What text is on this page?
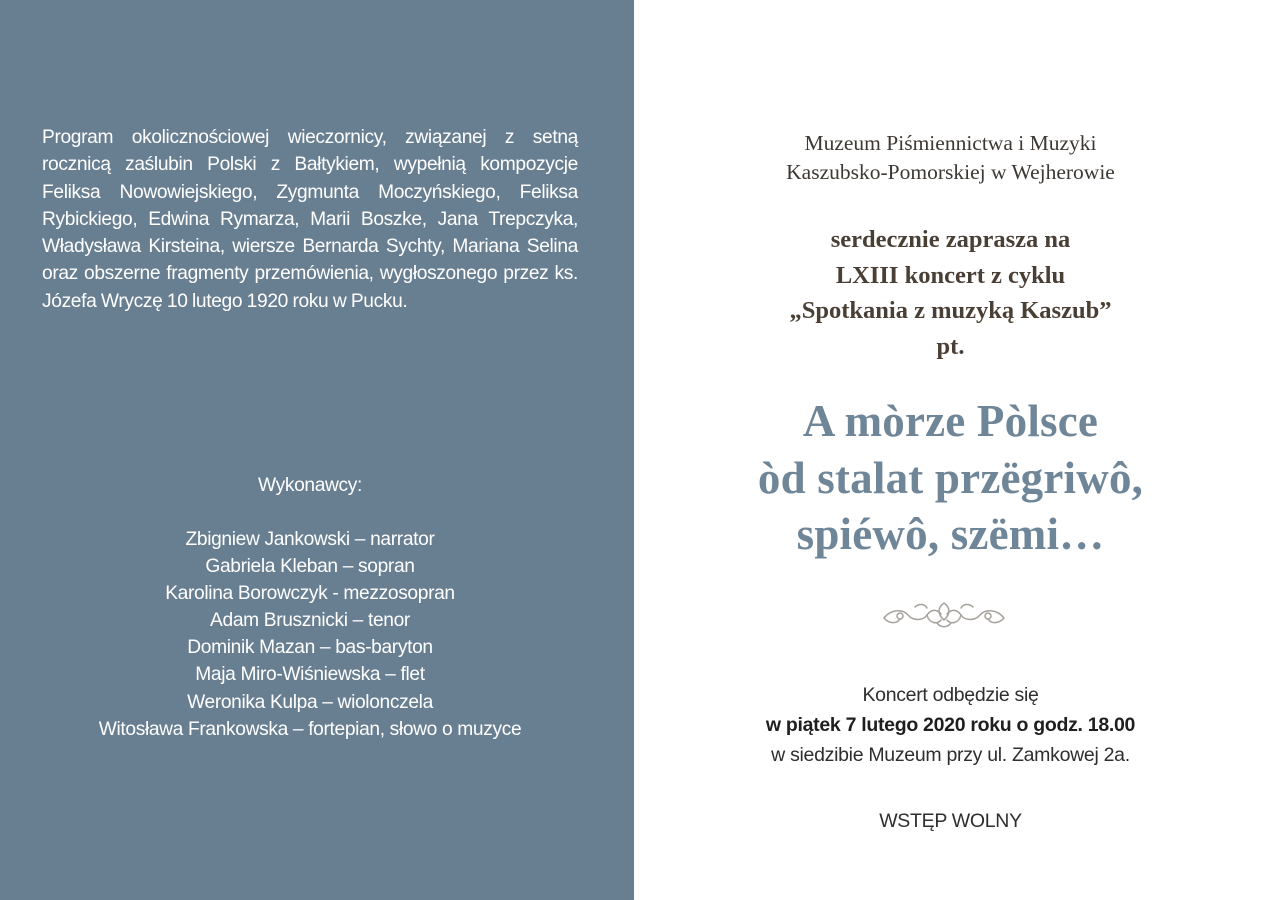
Program okolicznościowej wieczornicy, związanej z setną rocznicą zaślubin Polski z Bałtykiem, wypełnią kompozycje Feliksa Nowowiejskiego, Zygmunta Moczyńskiego, Feliksa Rybickiego, Edwina Rymarza, Marii Boszke, Jana Trepczyka, Władysława Kirsteina, wiersze Bernarda Sychty, Mariana Selina oraz obszerne fragmenty przemówienia, wygłoszonego przez ks. Józefa Wryczę 10 lutego 1920 roku w Pucku.

Wykonawcy:
Zbigniew Jankowski – narrator
Gabriela Kleban – sopran
Karolina Borowczyk - mezzosopran
Adam Brusznicki – tenor
Dominik Mazan – bas-baryton
Maja Miro-Wiśniewska – flet
Weronika Kulpa – wiolonczela
Witosława Frankowska – fortepian, słowo o muzyce
Muzeum Piśmiennictwa i Muzyki
Kaszubsko-Pomorskiej w Wejherowie
serdecznie zaprasza na
LXIII koncert z cyklu
„Spotkania z muzyką Kaszub”
pt.
A mòrze Pòlsce
òd stalat przëgriwô,
spiéwô, szëmi…
Koncert odbędzie się
w piątek 7 lutego 2020 roku o godz. 18.00
w siedzibie Muzeum przy ul. Zamkowej 2a.
WSTĘP WOLNY
